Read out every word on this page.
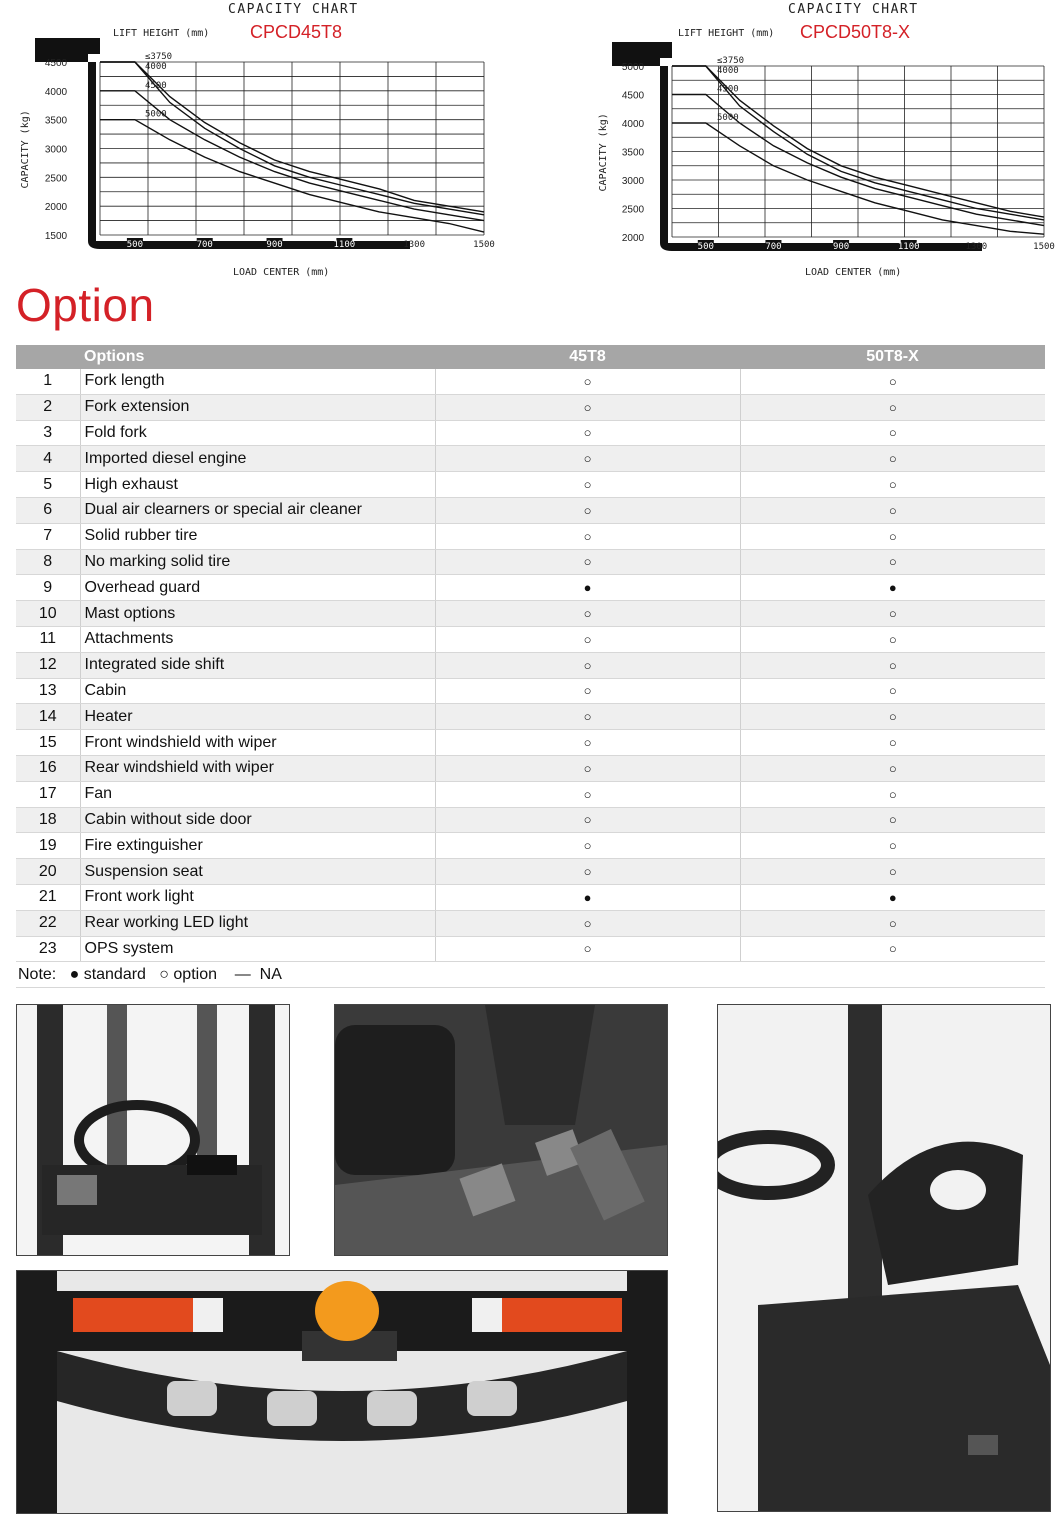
CAPACITY CHART
CPCD45T8
LIFT HEIGHT (mm)
CAPACITY (kg)
LOAD CENTER (mm)
4500
4000
3500
3000
2500
2000
1500
500	700	900	1100	1300	1500
≤3750
4000
4500
5000
CAPACITY CHART
CPCD50T8-X
LIFT HEIGHT (mm)
CAPACITY (kg)
LOAD CENTER (mm)
5000
4500
4000
3500
3000
2500
2000
500	700	900	1100	1300	1500
≤3750
4000
4500
5000
Option
	Options	45T8	50T8-X
1	Fork length	○	○
2	Fork extension	○	○
3	Fold fork	○	○
4	Imported diesel engine	○	○
5	High exhaust	○	○
6	Dual air clearners or special air cleaner	○	○
7	Solid rubber tire	○	○
8	No marking solid tire	○	○
9	Overhead guard	●	●
10	Mast options	○	○
11	Attachments	○	○
12	Integrated side shift	○	○
13	Cabin	○	○
14	Heater	○	○
15	Front windshield with wiper	○	○
16	Rear windshield with wiper	○	○
17	Fan	○	○
18	Cabin without side door	○	○
19	Fire extinguisher	○	○
20	Suspension seat	○	○
21	Front work light	●	●
22	Rear working LED light	○	○
23	OPS system	○	○
Note:   ● standard   ○ option    —  NA			
